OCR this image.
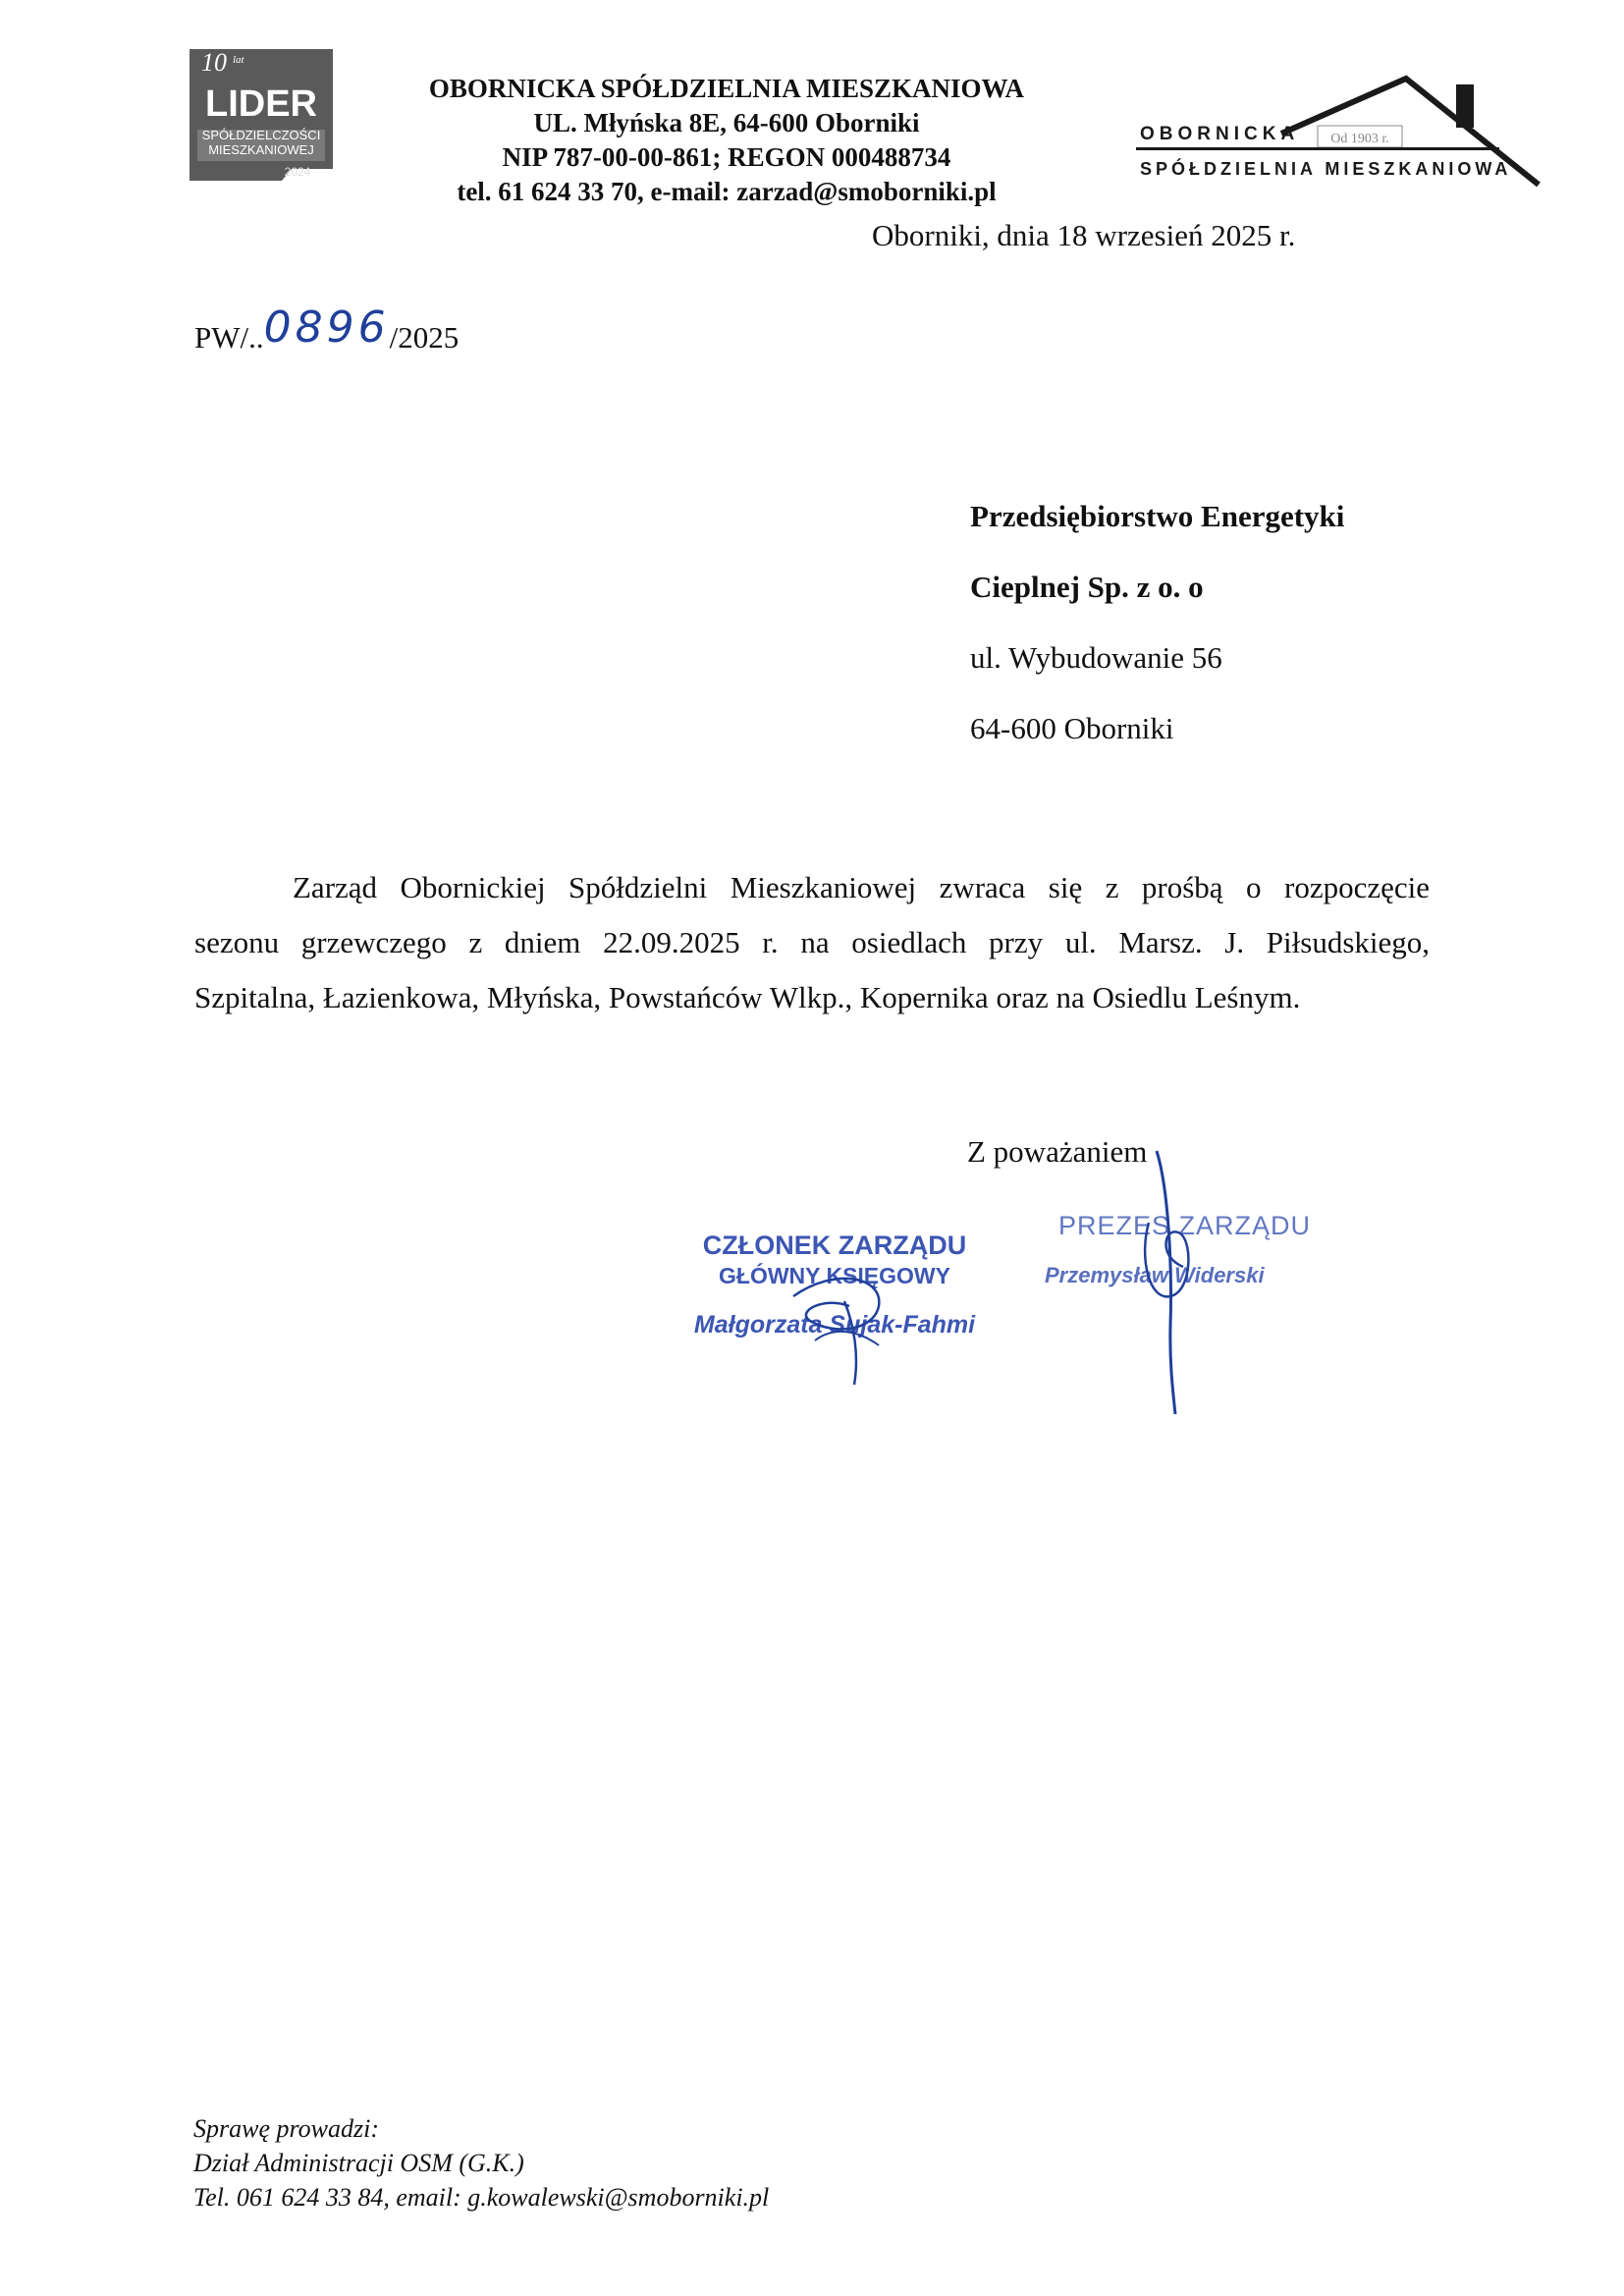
10 lat
LIDER
SPÓŁDZIELCZOŚCI
MIESZKANIOWEJ
2024
OBORNICKA SPÓŁDZIELNIA MIESZKANIOWA
UL. Młyńska 8E, 64-600 Oborniki
NIP 787-00-00-861; REGON 000488734
tel. 61 624 33 70, e-mail: zarzad@smoborniki.pl
OBORNICKA Od 1903 r.
SPÓŁDZIELNIA MIESZKANIOWA
Oborniki, dnia 18 wrzesień 2025 r.
PW/..0896/2025
Przedsiębiorstwo Energetyki
Cieplnej Sp. z o. o
ul. Wybudowanie 56
64-600 Oborniki
Zarząd Obornickiej Spółdzielni Mieszkaniowej zwraca się z prośbą o rozpoczęcie
sezonu grzewczego z dniem 22.09.2025 r. na osiedlach przy ul. Marsz. J. Piłsudskiego,
Szpitalna, Łazienkowa, Młyńska, Powstańców Wlkp., Kopernika oraz na Osiedlu Leśnym.
Z poważaniem
CZŁONEK ZARZĄDU
GŁÓWNY KSIĘGOWY
Małgorzata Sujak-Fahmi
PREZES ZARZĄDU
Przemysław Widerski
Sprawę prowadzi:
Dział Administracji OSM (G.K.)
Tel. 061 624 33 84, email: g.kowalewski@smoborniki.pl
